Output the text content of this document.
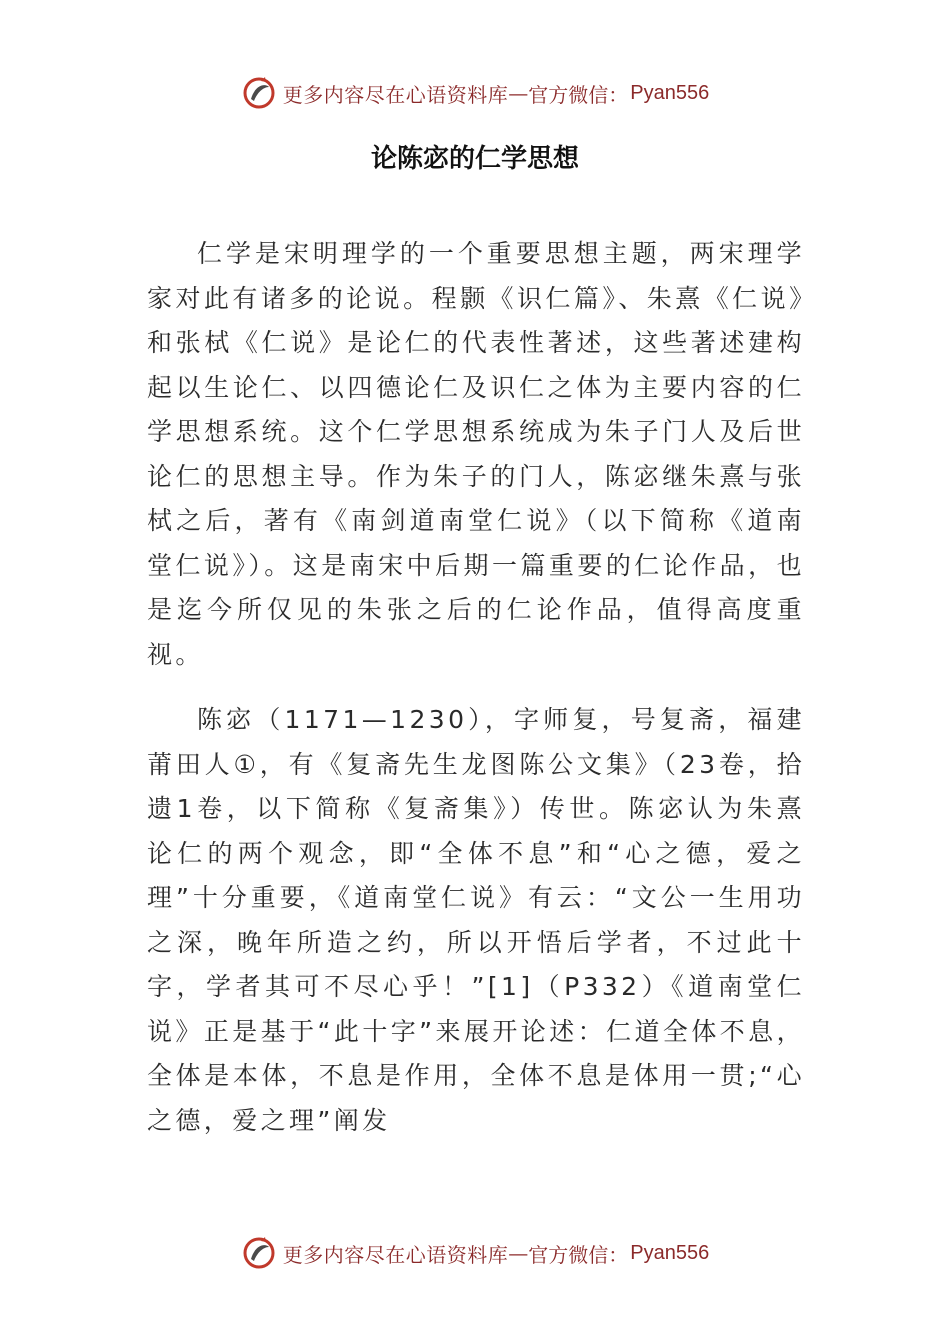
更多内容尽在心语资料库 — 官方微信： Pyan556
论陈宓的仁学思想

仁学是宋明理学的一个重要思想主题，两宋理学家对此有诸多的论说。程颢《识仁篇》、朱熹《仁说》和张栻《仁说》是论仁的代表性著述，这些著述建构起以生论仁、以四德论仁及识仁之体为主要内容的仁学思想系统。这个仁学思想系统成为朱子门人及后世论仁的思想主导。作为朱子的门人，陈宓继朱熹与张栻之后，著有《南剑道南堂仁说》（以下简称《道南堂仁说》）。这是南宋中后期一篇重要的仁论作品，也是迄今所仅见的朱张之后的仁论作品，值得高度重视。

陈宓（1171—1230），字师复，号复斋，福建莆田人①，有《复斋先生龙图陈公文集》（23卷，拾遗1卷，以下简称《复斋集》）传世。陈宓认为朱熹论仁的两个观念，即“全体不息”和“心之德，爱之理”十分重要，《道南堂仁说》有云：“文公一生用功之深，晚年所造之约，所以开悟后学者，不过此十字，学者其可不尽心乎！”[1]（P332）《道南堂仁说》正是基于“此十字”来展开论述：仁道全体不息，全体是本体，不息是作用，全体不息是体用一贯;“心之德，爱之理”阐发

更多内容尽在心语资料库 — 官方微信： Pyan556
